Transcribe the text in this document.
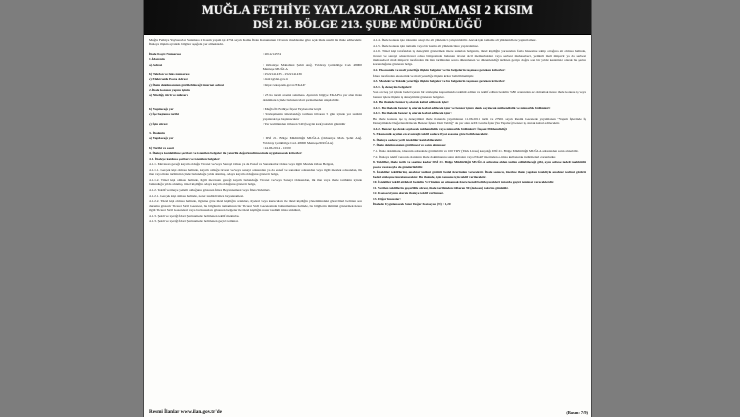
MUĞLA FETHİYE YAYLAZORLAR SULAMASI 2 KISIM
DSİ 21. BÖLGE 213. ŞUBE MÜDÜRLÜĞÜ
Muğla Fethiye Yaylazorlar Sulaması 2 Kısım yapım işi 4734 sayılı Kamu İhale Kanununun 19 uncu maddesine göre açık ihale usulü ile ihale edilecektir. İhaleye ilişkin ayrıntılı bilgiler aşağıda yer almaktadır.
İhale Kayıt Numarası	: 2014/14574
1-İdarenin
a) Adresi	: Orhaniye Mahallesi Şehit Anğ. Yıldıray Çetikbilge Cad. 48000 Menteşe MUĞLA
b) Telefon ve faks numarası	: 2522141435 - 2522141436
c) Elektronik Posta Adresi	: dsi21@dsi.gov.tr
ç) İhale dokümanının görülebileceği internet adresi	: https://ekap.kik.gov.tr/EKAP/
2-İhale konusu yapım işinin
a) Niteliği, türü ve miktarı	: 23 ha tarım arazisi sulaması. Ayrıntılı bilgiye EKAP'ta yer alan ihale dokümanı içinde bulunan idari şartnameden ulaşılabilir.
b) Yapılacağı yer	: Muğla İli Fethiye İlçesi Yaylazorlar köyü
c) İşe başlama tarihi	: Sözleşmenin imzalandığı tarihten itibaren 5 gün içinde yer teslimi yapılarak işe başlanacaktır
ç) İşin süresi	: Yer tesliminden itibaren 540 (beşyüz kırk) takvim günüdür
3- İhalenin
a) Yapılacağı yer	: DSİ 21. Bölge Müdürlüğü MUĞLA (Orhaniye Mah. Şehit Anğ. Yıldıray Çetikbilge Cad. 48000 Menteşe/MUĞLA)
b) Tarihi ve saati	: 24.06.2014 - 10:00
4. İhaleye katılabilme şartları ve istenilen belgeler ile yeterlik değerlendirmesinde uygulanacak kriterler:
4.1. İhaleye katılma şartları ve istenilen belgeler:
4.1.1. Mevzuatı gereği kayıtlı olduğu Ticaret ve/veya Sanayi Odası ya da Esnaf ve Sanatkarlar Odası veya ilgili Meslek Odası Belgesi,
4.1.1.1. Gerçek kişi olması halinde, kayıtlı olduğu ticaret ve/veya sanayi odasından ya da esnaf ve sanatkar odasından veya ilgili meslek odasından, ilk ilan veya ihale tarihinin içinde bulunduğu yılda alınmış, odaya kayıtlı olduğunu gösterir belge,
4.1.1.2. Tüzel kişi olması halinde, ilgili mevzuatı gereği kayıtlı bulunduğu Ticaret ve/veya Sanayi Odasından, ilk ilan veya ihale tarihinin içinde bulunduğu yılda alınmış, tüzel kişiliğin odaya kayıtlı olduğunu gösterir belge,
4.1.2. Teklif vermeye yetkili olduğunu gösteren İmza Beyannamesi veya İmza Sirküleri.
4.1.2.1. Gerçek kişi olması halinde, noter tasdikli imza beyannamesi.
4.1.2.2. Tüzel kişi olması halinde, ilgisine göre tüzel kişiliğin ortakları, üyeleri veya kurucuları ile tüzel kişiliğin yönetimindeki görevlileri belirten son durumu gösterir Ticaret Sicil Gazetesi, bu bilgilerin tamamının bir Ticaret Sicil Gazetesinde bulunmaması halinde, bu bilgilerin tümünü göstermek üzere ilgili Ticaret Sicil Gazeteleri veya bu hususları gösteren belgeler ile tüzel kişiliğin noter tasdikli imza sirküleri,
4.1.3. Şekli ve içeriği İdari Şartnamede belirlenen teklif mektubu.
4.1.3. Şekli ve içeriği İdari Şartnamede belirlenen geçici teminat.
4.1.4. İhale konusu işte idarenin onayı ile alt yüklenici çalıştırılabilir. Ancak işin tamamı alt yüklenicilere yaptırılamaz.
4.1.5. İhale konusu işin tamamı veya bir kısmı alt yüklenicilere yaptırılamaz.
4.1.6. Tüzel kişi tarafından iş deneyimi göstermek üzere sunulan belgenin, tüzel kişiliğin yarısından fazla hissesine sahip ortağına ait olması halinde, ticaret ve sanayi odası/ticaret odası bünyesinde bulunan ticaret sicil memurlukları veya serbest muhasebeci, yeminli mali müşavir ya da serbest muhasebeci mali müşavir tarafından ilk ilan tarihinden sonra düzenlenen ve düzenlendiği tarihten geriye doğru son bir yıldır kesintisiz olarak bu şartın korunduğunu gösteren belge.
4.2. Ekonomik ve mali yeterliğe ilişkin belgeler ve bu belgelerin taşıması gereken kriterler:
İdare tarafından ekonomik ve mali yeterliğe ilişkin kriter belirtilmemiştir.
4.3. Mesleki ve Teknik yeterliğe ilişkin belgeler ve bu belgelerin taşıması gereken kriterler:
4.3.1. İş deneyim belgeleri:
Son on beş yıl içinde bedel içeren bir sözleşme kapsamında taahhüt edilen ve teklif edilen bedelin %80 oranından az olmamak üzere ihale konusu iş veya benzer işlere ilişkin iş deneyimini gösteren belgeler.
4.4. Bu ihalede benzer iş olarak kabul edilecek işler:
4.4.1. Bu ihalede benzer iş olarak kabul edilecek işler ve benzer işlere denk sayılacak mühendislik ve mimarlık bölümleri:
4.4.1. Bu ihalede benzer iş olarak kabul edilecek işler:
Bu ihale konusu işe iş deneyimini ihale ilanında yayımlanan 11.06.2011 tarih ve 27961 sayılı Resmi Gazetede yayımlanan "Yapım İşlerinde İş Deneyiminde Değerlendirilecek Benzer İşlere Dair Tebliğ" de yer alan A/IX Grubu İşler (Su Yapıları) benzer iş olarak kabul edilecektir.
4.4.2. Benzer işe denk sayılacak mühendislik veya mimarlık bölümleri: İnşaat Mühendisliği
5. Ekonomik açıdan en avantajlı teklif sadece fiyat esasına göre belirlenecektir.
6. İhaleye sadece yerli istekliler katılabilecektir.
7. İhale dokümanının görülmesi ve satın alınması:
7.1. İhale dokümanı, idarenin adresinde görülebilir ve 100 TRY (Türk Lirası) karşılığı DSİ 21. Bölge Müdürlüğü MUĞLA adresinden satın alınabilir.
7.2. İhaleye teklif verecek olanların ihale dokümanını satın almaları veya EKAP üzerinden e-imza kullanarak indirmeleri zorunludur.
8. Teklifler, ihale tarih ve saatine kadar DSİ 21. Bölge Müdürlüğü MUĞLA adresine elden teslim edilebileceği gibi, aynı adrese iadeli taahhütlü posta vasıtasıyla da gönderilebilir.
9. İstekliler tekliflerini, anahtar teslimi götürü bedel üzerinden verecektir. İhale sonucu, üzerine ihale yapılan istekliyle anahtar teslimi götürü bedel sözleşme imzalanacaktır. Bu ihalede, işin tamamı için teklif verilecektir.
10. İstekliler teklif ettikleri bedelin %3'ünden az olmamak üzere kendi belirleyecekleri tutarda geçici teminat vereceklerdir.
11. Verilen tekliflerin geçerlilik süresi, ihale tarihinden itibaren 90 (doksan) takvim günüdür.
12. Konsorsiyum olarak ihaleye teklif verilemez.
13. Diğer hususlar:
İhalede Uygulanacak Sınır Değer Katsayısı (N) : 1,20
Resmi İlanlar www.ilan.gov.tr'de	(Basın: 7/9)
